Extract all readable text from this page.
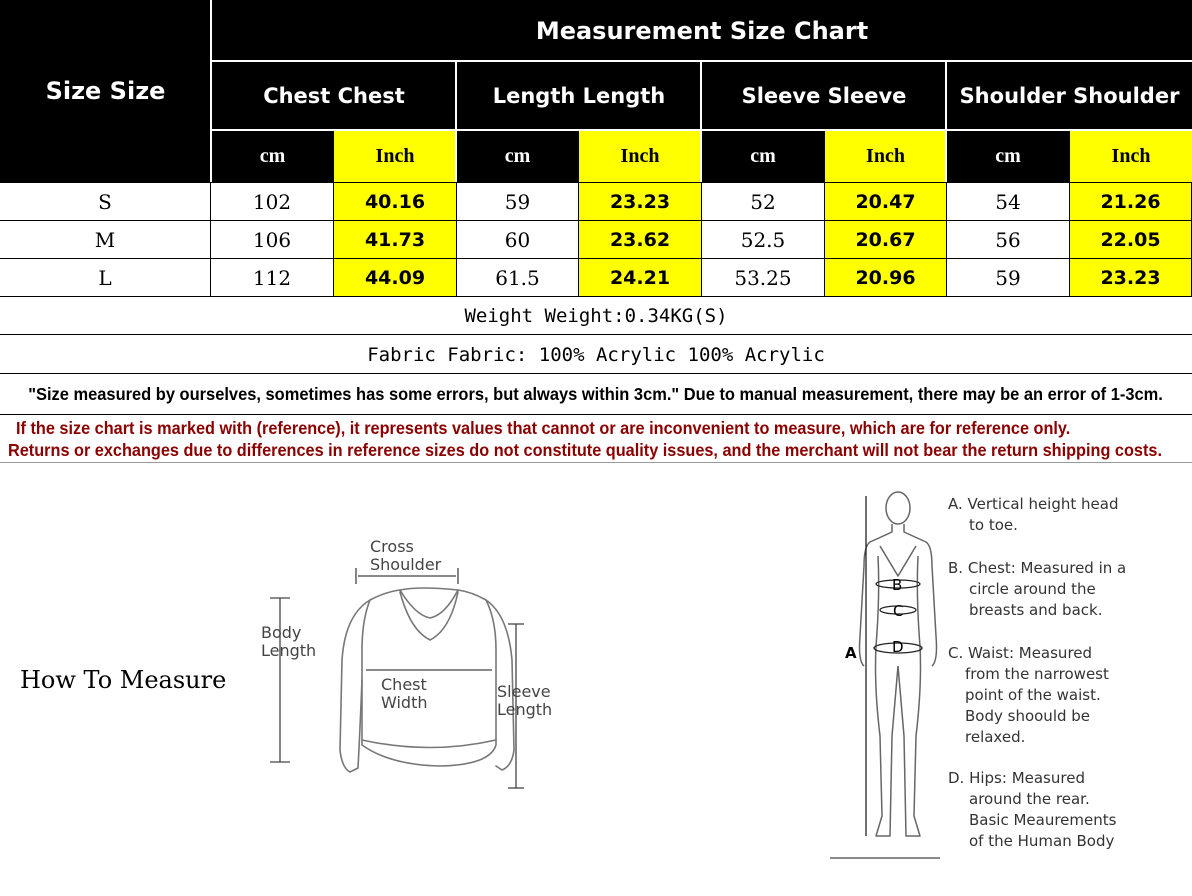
Measurement Size Chart
Size Size	Chest Chest	Length Length	Sleeve Sleeve	Shoulder Shoulder
cm	Inch	cm	Inch	cm	Inch	cm	Inch
S	102	40.16	59	23.23	52	20.47	54	21.26
M	106	41.73	60	23.62	52.5	20.67	56	22.05
L	112	44.09	61.5	24.21	53.25	20.96	59	23.23
Weight Weight:0.34KG(S)
Fabric Fabric: 100% Acrylic 100% Acrylic
"Size measured by ourselves, sometimes has some errors, but always within 3cm." Due to manual measurement, there may be an error of 1-3cm.
If the size chart is marked with (reference), it represents values that cannot or are inconvenient to measure, which are for reference only.
Returns or exchanges due to differences in reference sizes do not constitute quality issues, and the merchant will not bear the return shipping costs.
How To Measure
Cross
Shoulder
Body
Length
Chest
Width
Sleeve
Length
A
B
C
D
A. Vertical height head
to toe.
B. Chest: Measured in a
circle around the
breasts and back.
C. Waist: Measured
from the narrowest
point of the waist.
Body shoould be
relaxed.
D. Hips: Measured
around the rear.
Basic Meaurements
of the Human Body
